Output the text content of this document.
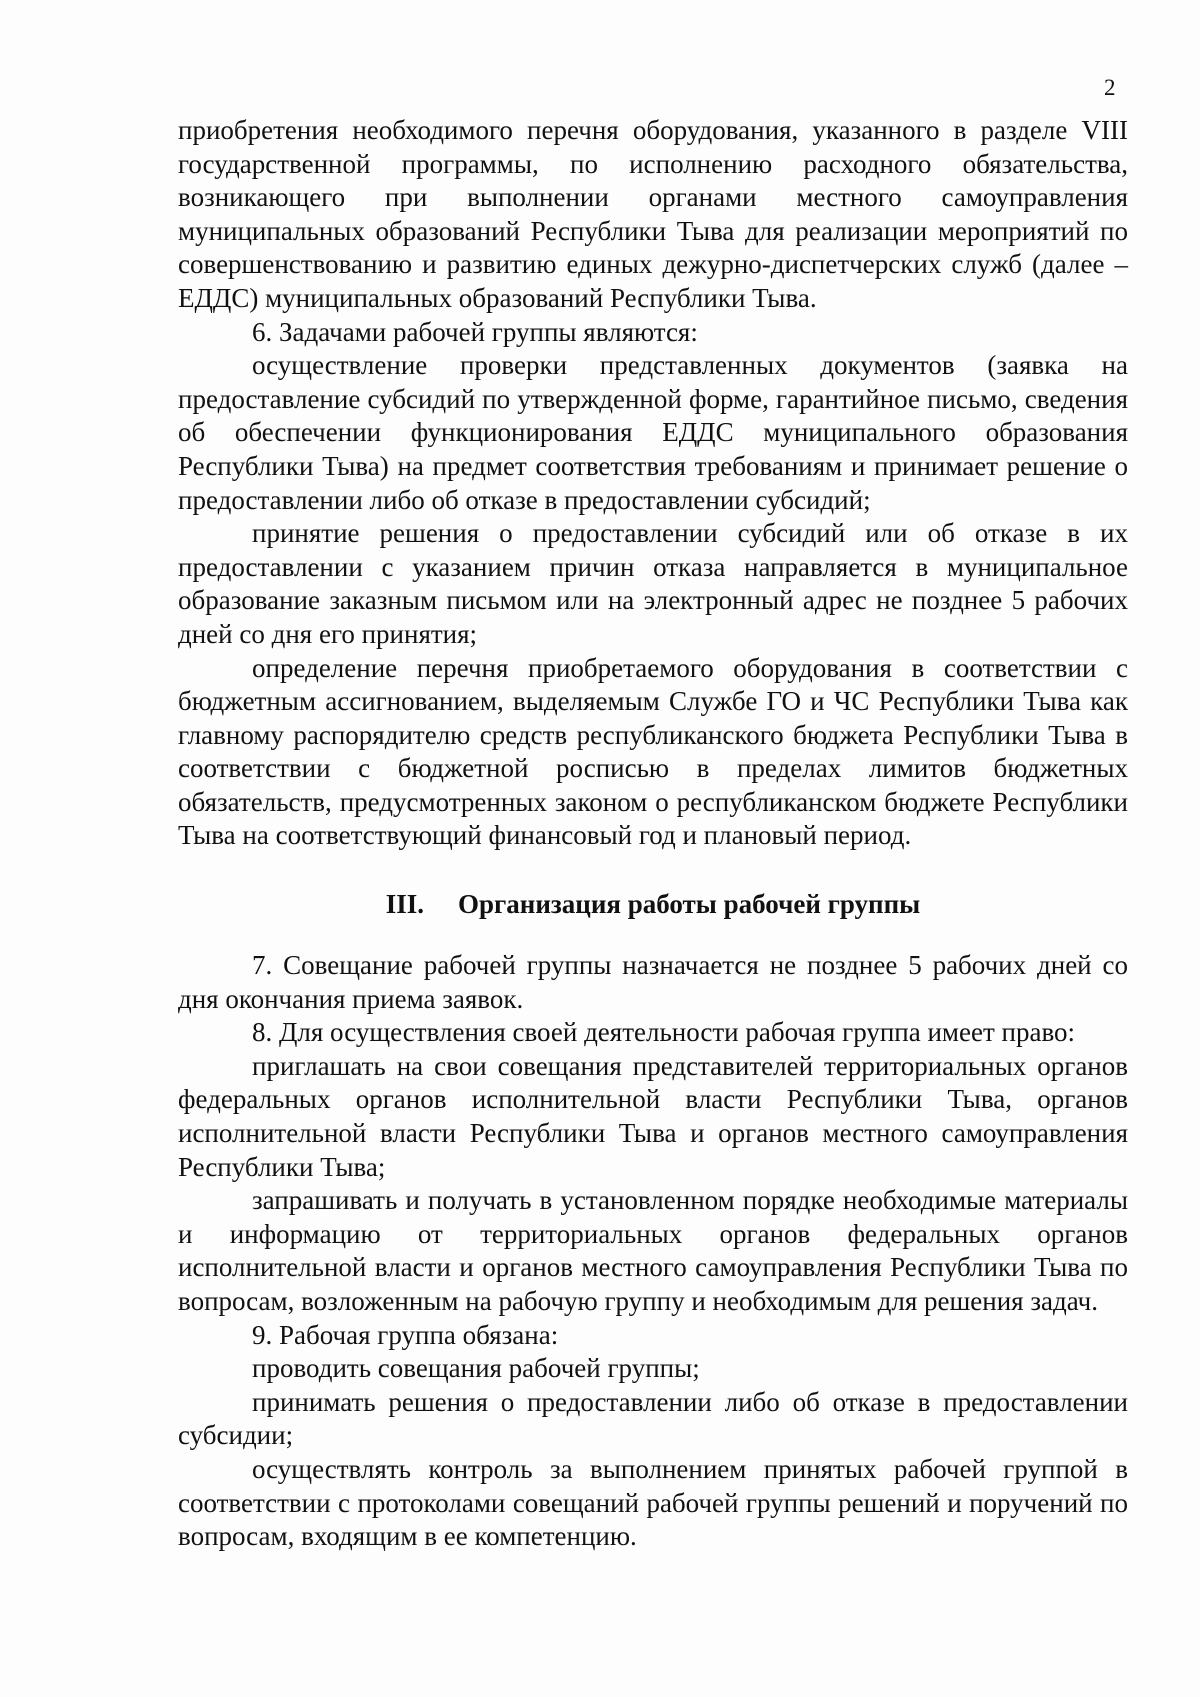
2

приобретения необходимого перечня оборудования, указанного в разделе VIII государственной программы, по исполнению расходного обязательства, возникающего при выполнении органами местного самоуправления муниципальных образований Республики Тыва для реализации мероприятий по совершенствованию и развитию единых дежурно-диспетчерских служб (далее – ЕДДС) муниципальных образований Республики Тыва.

6. Задачами рабочей группы являются:

осуществление проверки представленных документов (заявка на предоставление субсидий по утвержденной форме, гарантийное письмо, сведения об обеспечении функционирования ЕДДС муниципального образования Республики Тыва) на предмет соответствия требованиям и принимает решение о предоставлении либо об отказе в предоставлении субсидий;

принятие решения о предоставлении субсидий или об отказе в их предоставлении с указанием причин отказа направляется в муниципальное образование заказным письмом или на электронный адрес не позднее 5 рабочих дней со дня его принятия;

определение перечня приобретаемого оборудования в соответствии с бюджетным ассигнованием, выделяемым Службе ГО и ЧС Республики Тыва как главному распорядителю средств республиканского бюджета Республики Тыва в соответствии с бюджетной росписью в пределах лимитов бюджетных обязательств, предусмотренных законом о республиканском бюджете Республики Тыва на соответствующий финансовый год и плановый период.

III. Организация работы рабочей группы

7. Совещание рабочей группы назначается не позднее 5 рабочих дней со дня окончания приема заявок.

8. Для осуществления своей деятельности рабочая группа имеет право:

приглашать на свои совещания представителей территориальных органов федеральных органов исполнительной власти Республики Тыва, органов исполнительной власти Республики Тыва и органов местного самоуправления Республики Тыва;

запрашивать и получать в установленном порядке необходимые материалы и информацию от территориальных органов федеральных органов исполнительной власти и органов местного самоуправления Республики Тыва по вопросам, возложенным на рабочую группу и необходимым для решения задач.

9. Рабочая группа обязана:

проводить совещания рабочей группы;

принимать решения о предоставлении либо об отказе в предоставлении субсидии;

осуществлять контроль за выполнением принятых рабочей группой в соответствии с протоколами совещаний рабочей группы решений и поручений по вопросам, входящим в ее компетенцию.
